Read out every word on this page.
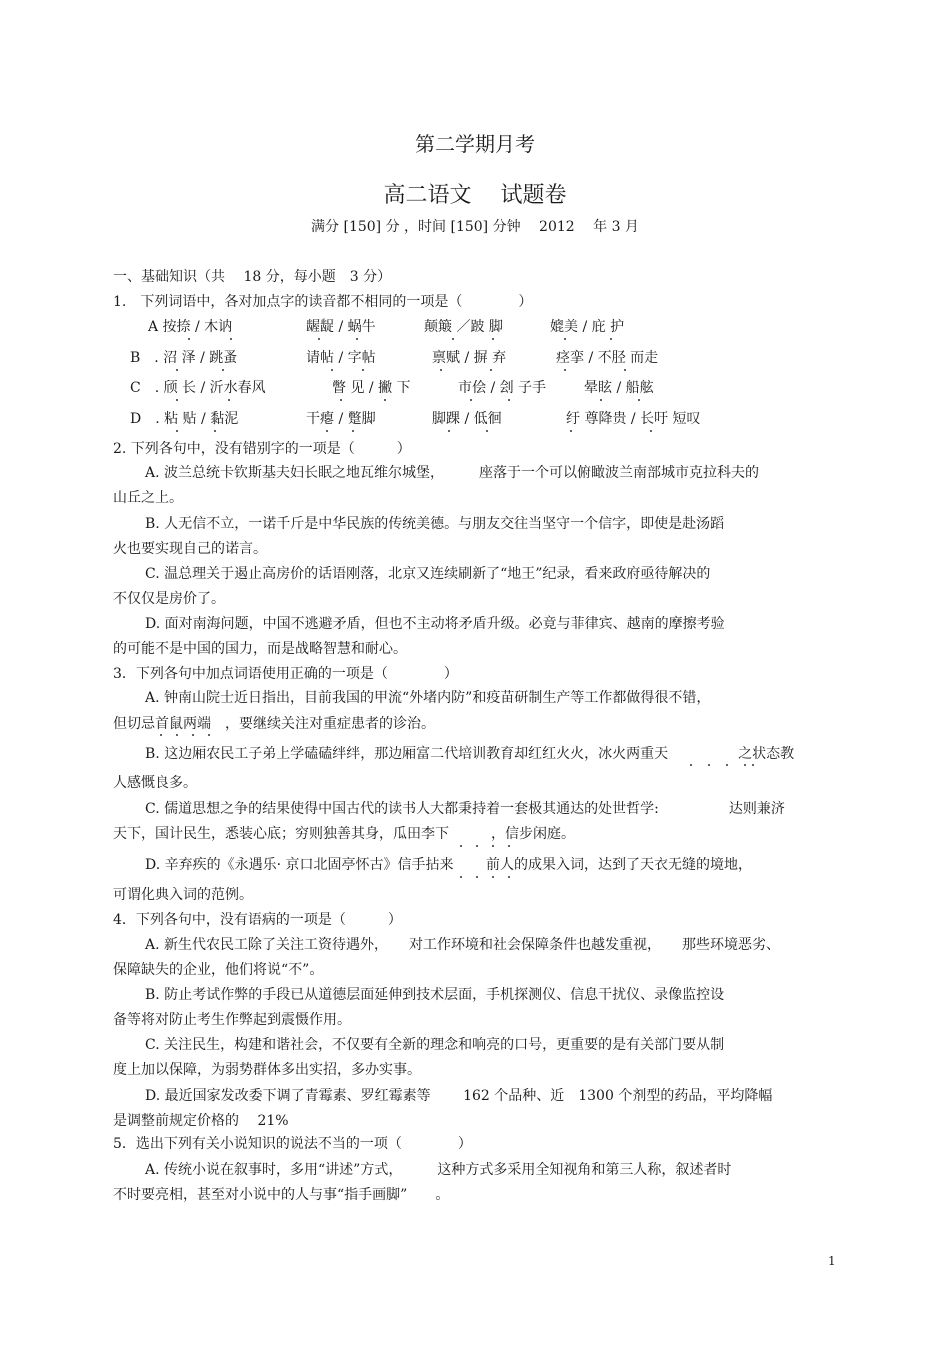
第二学期月考
高二语文　 试题卷
满分 [150] 分 ，时间 [150] 分钟　 2012　 年 3 月
一、基础知识（共　 18 分，每小题　3 分）
1.　下列词语中，各对加点字的读音都不相同的一项是（　　　　）
A 按捺 / 木讷	龌龊 / 蜗牛	颠簸 ／跛 脚	媲美 / 庇 护
B　. 沼 泽 / 跳蚤	请帖 / 字帖	禀赋 / 摒 弃	痉挛 / 不胫 而走
C　. 颀 长 / 沂水春风	瞥 见 / 撇 下	市侩 / 刽 子手	晕眩 / 船舷
D　. 粘 贴 / 黏泥	干瘪 / 蹩脚	脚踝 / 低徊	纡 尊降贵 / 长吁 短叹
2. 下列各句中，没有错别字的一项是（　　　）
A. 波兰总统卡钦斯基夫妇长眠之地瓦维尔城堡，　　　座落于一个可以俯瞰波兰南部城市克拉科夫的
山丘之上。
B. 人无信不立，一诺千斤是中华民族的传统美德。与朋友交往当坚守一个信字，即使是赴汤蹈
火也要实现自己的诺言。
C. 温总理关于遏止高房价的话语刚落，北京又连续刷新了“地王”纪录，看来政府亟待解决的
不仅仅是房价了。
D. 面对南海问题，中国不逃避矛盾，但也不主动将矛盾升级。必竟与菲律宾、越南的摩擦考验
的可能不是中国的国力，而是战略智慧和耐心。
3．下列各句中加点词语使用正确的一项是（　　　　）
A. 钟南山院士近日指出，目前我国的甲流“外堵内防”和疫苗研制生产等工作都做得很不错，
但切忌首鼠两端　，要继续关注对重症患者的诊治。
B. 这边厢农民工子弟上学磕磕绊绊，那边厢富二代培训教育却红红火火，冰火两重天　　　　　之状态教
人感慨良多。
C. 儒道思想之争的结果使得中国古代的读书人大都秉持着一套极其通达的处世哲学:　　　　　达则兼济
天下，国计民生，悉装心底；穷则独善其身，瓜田李下　　　，信步闲庭。
D. 辛弃疾的《永遇乐· 京口北固亭怀古》信手拈来　　 前人的成果入词，达到了天衣无缝的境地，
可谓化典入词的范例。
4．下列各句中，没有语病的一项是（　　　）
A. 新生代农民工除了关注工资待遇外，　　对工作环境和社会保障条件也越发重视，　　那些环境恶劣、
保障缺失的企业，他们将说“不”。
B. 防止考试作弊的手段已从道德层面延伸到技术层面，手机探测仪、信息干扰仪、录像监控设
备等将对防止考生作弊起到震慑作用。
C. 关注民生，构建和谐社会，不仅要有全新的理念和响亮的口号，更重要的是有关部门要从制
度上加以保障，为弱势群体多出实招，多办实事。
D. 最近国家发改委下调了青霉素、罗红霉素等　　 162 个品种、近　1300 个剂型的药品，平均降幅
是调整前规定价格的　 21%
5．选出下列有关小说知识的说法不当的一项（　　　　）
A. 传统小说在叙事时，多用“讲述”方式，　　　这种方式多采用全知视角和第三人称，叙述者时
不时要亮相，甚至对小说中的人与事“指手画脚”　　。
1
